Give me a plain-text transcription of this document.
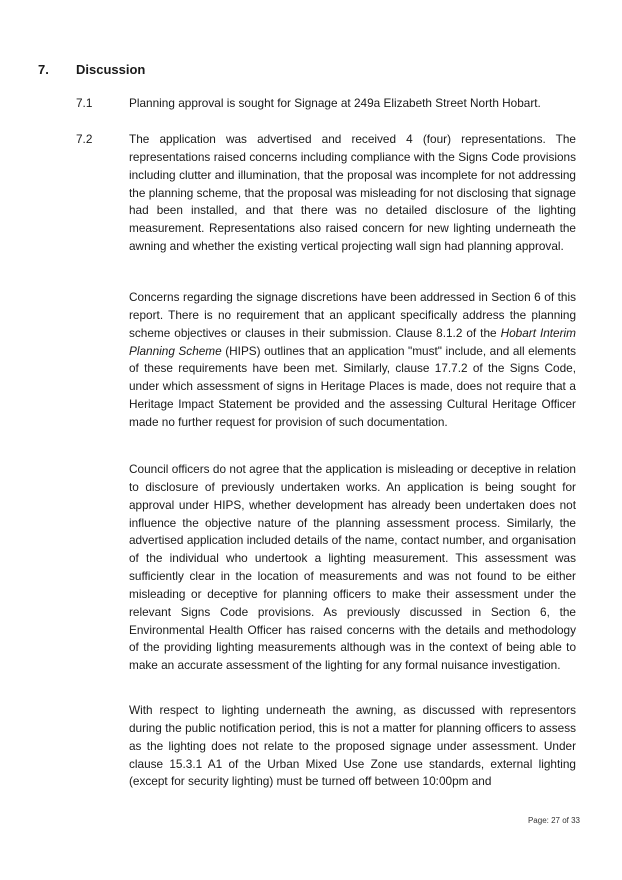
7.	Discussion
7.1	Planning approval is sought for Signage at 249a Elizabeth Street North Hobart.
7.2	The application was advertised and received 4 (four) representations. The representations raised concerns including compliance with the Signs Code provisions including clutter and illumination, that the proposal was incomplete for not addressing the planning scheme, that the proposal was misleading for not disclosing that signage had been installed, and that there was no detailed disclosure of the lighting measurement. Representations also raised concern for new lighting underneath the awning and whether the existing vertical projecting wall sign had planning approval.
Concerns regarding the signage discretions have been addressed in Section 6 of this report. There is no requirement that an applicant specifically address the planning scheme objectives or clauses in their submission. Clause 8.1.2 of the Hobart Interim Planning Scheme (HIPS) outlines that an application "must" include, and all elements of these requirements have been met. Similarly, clause 17.7.2 of the Signs Code, under which assessment of signs in Heritage Places is made, does not require that a Heritage Impact Statement be provided and the assessing Cultural Heritage Officer made no further request for provision of such documentation.
Council officers do not agree that the application is misleading or deceptive in relation to disclosure of previously undertaken works. An application is being sought for approval under HIPS, whether development has already been undertaken does not influence the objective nature of the planning assessment process. Similarly, the advertised application included details of the name, contact number, and organisation of the individual who undertook a lighting measurement. This assessment was sufficiently clear in the location of measurements and was not found to be either misleading or deceptive for planning officers to make their assessment under the relevant Signs Code provisions. As previously discussed in Section 6, the Environmental Health Officer has raised concerns with the details and methodology of the providing lighting measurements although was in the context of being able to make an accurate assessment of the lighting for any formal nuisance investigation.
With respect to lighting underneath the awning, as discussed with representors during the public notification period, this is not a matter for planning officers to assess as the lighting does not relate to the proposed signage under assessment. Under clause 15.3.1 A1 of the Urban Mixed Use Zone use standards, external lighting (except for security lighting) must be turned off between 10:00pm and
Page: 27 of 33
